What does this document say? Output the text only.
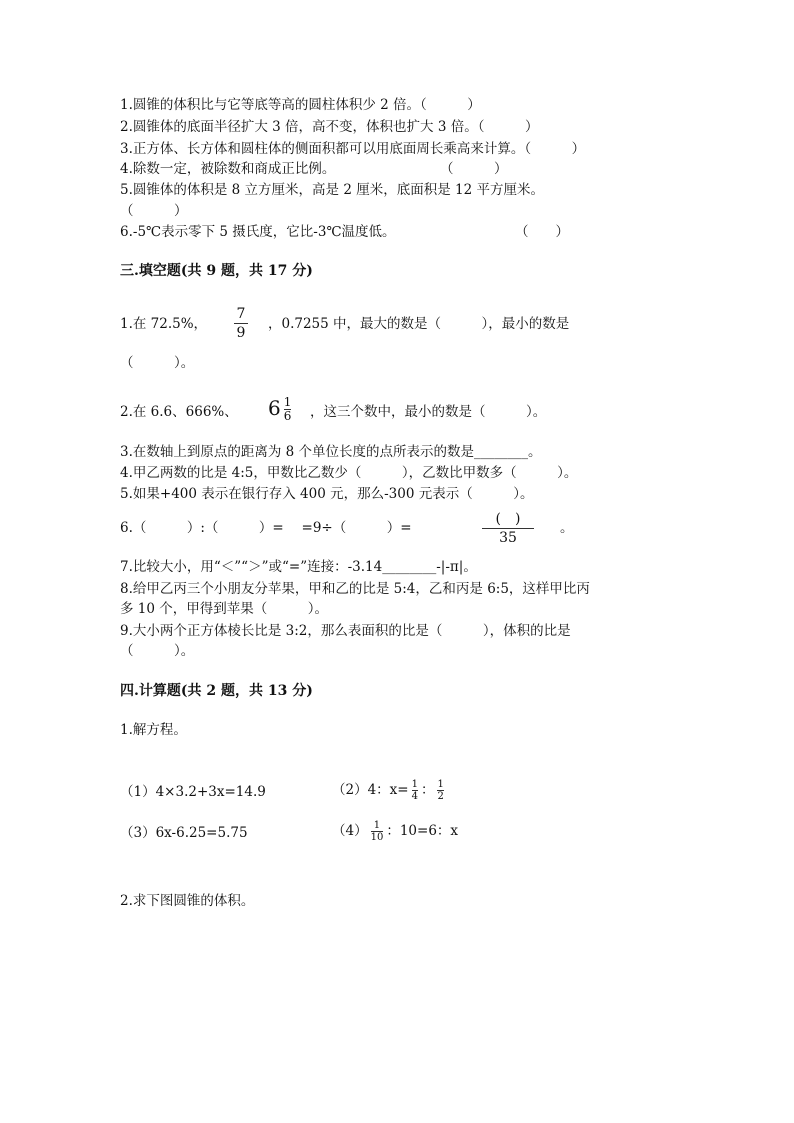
1.圆锥的体积比与它等底等高的圆柱体积少 2 倍。（　　　）
2.圆锥体的底面半径扩大 3 倍，高不变，体积也扩大 3 倍。（　　　）
3.正方体、长方体和圆柱体的侧面积都可以用底面周长乘高来计算。（　　　）
4.除数一定，被除数和商成正比例。	（　　　）
5.圆锥体的体积是 8 立方厘米，高是 2 厘米，底面积是 12 平方厘米。
（　　　）
6.-5℃表示零下 5 摄氏度，它比-3℃温度低。	（　　）
三.填空题(共 9 题，共 17 分)
1.在 72.5%，
7
9
，0.7255 中，最大的数是（　　　），最小的数是
（　　　）。
2.在 6.6、666%、 $6 \frac{1}{6}$ ，这三个数中，最小的数是（　　　）。
3.在数轴上到原点的距离为 8 个单位长度的点所表示的数是________。
4.甲乙两数的比是 4:5，甲数比乙数少（　　　），乙数比甲数多（　　　）。
5.如果+400 表示在银行存入 400 元，那么-300 元表示（　　　）。
6.（　　　）:（　　　）=　 =9÷（　　　）=
(　)
35
。
7.比较大小，用“＜”“＞”或“=”连接：-3.14________-|-π|。
8.给甲乙丙三个小朋友分苹果，甲和乙的比是 5:4，乙和丙是 6:5，这样甲比丙
多 10 个，甲得到苹果（　　　）。
9.大小两个正方体棱长比是 3:2，那么表面积的比是（　　　），体积的比是
（　　　）。
四.计算题(共 2 题，共 13 分)
1.解方程。
（1）4×3.2+3x=14.9	（2）4：$x= \frac{1}{4}$ ： $\frac{1}{2}$
（3）6x-6.25=5.75	$(4) \frac{1}{10}$ ：10=6：x
2.求下图圆锥的体积。
